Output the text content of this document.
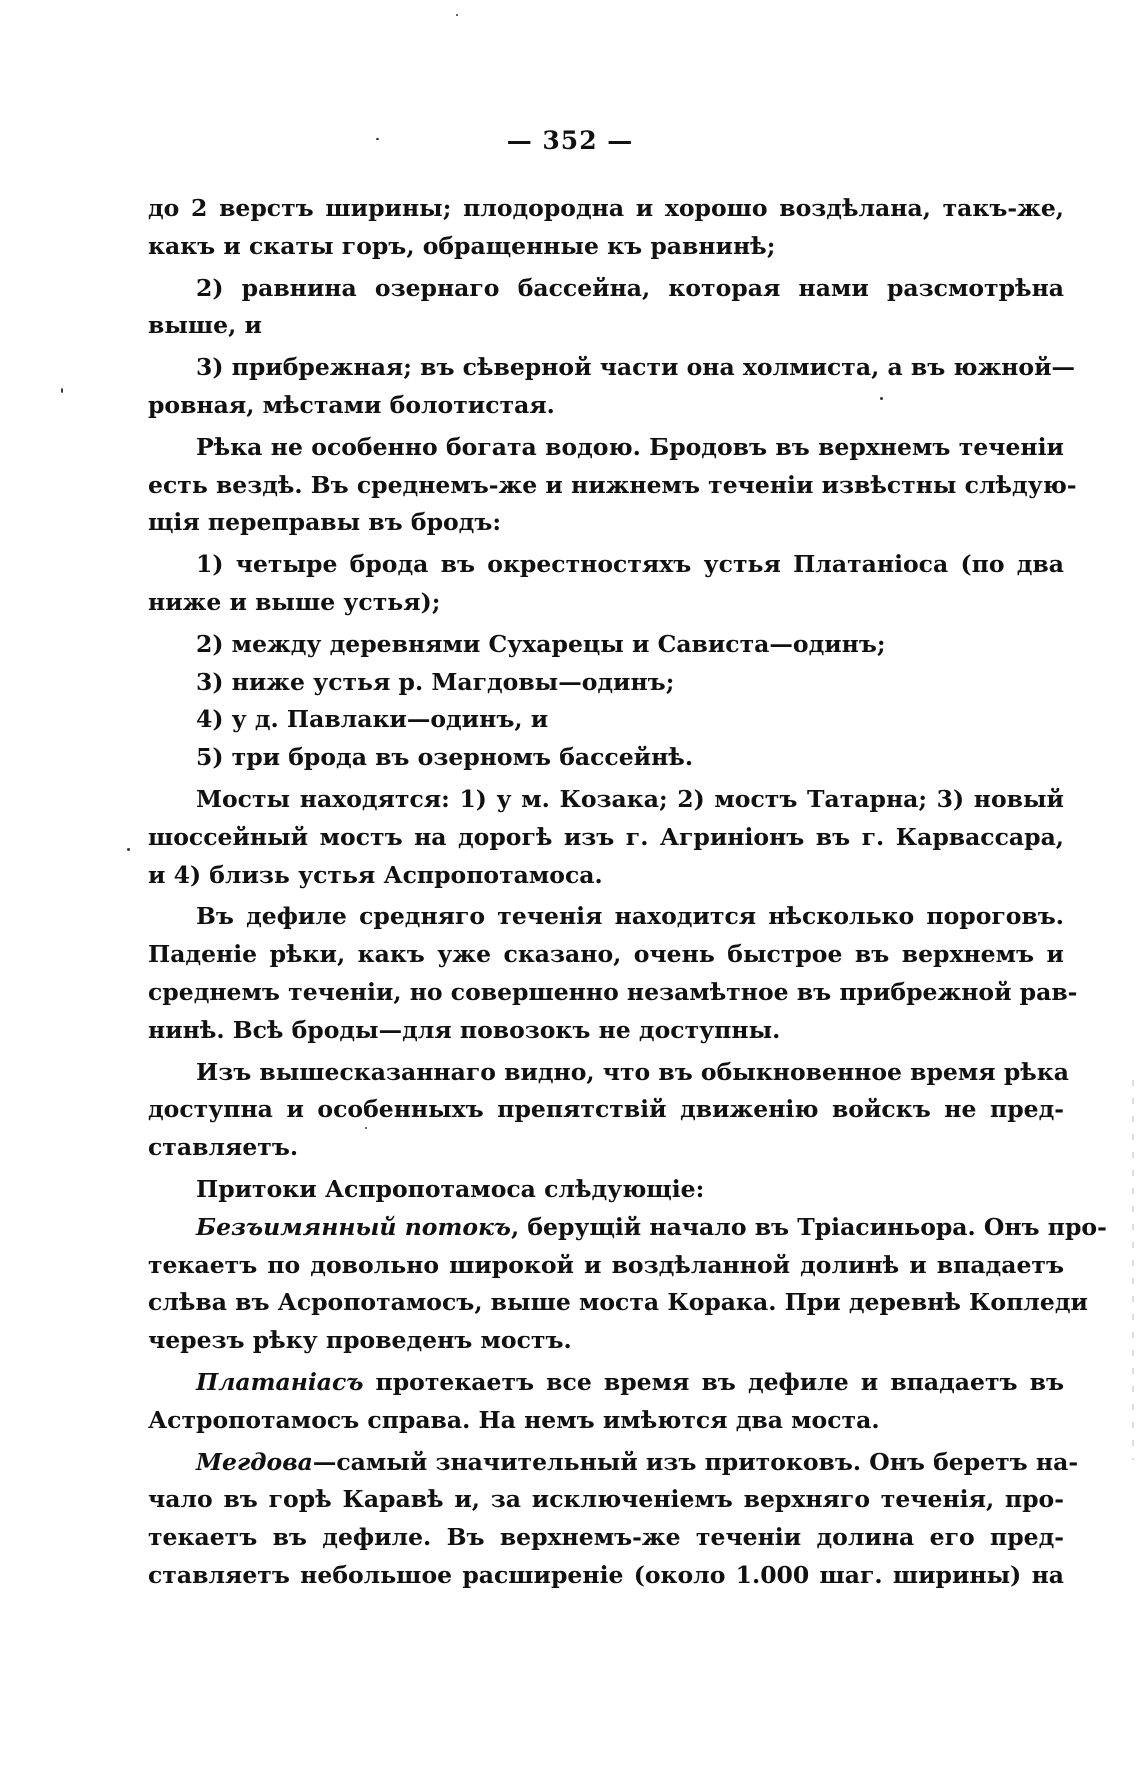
— 352 —
до 2 верстъ ширины; плодородна и хорошо воздѣлана, такъ-же,
какъ и скаты горъ, обращенные къ равнинѣ;
2) равнина озернаго бассейна, которая нами разсмотрѣна
выше, и
3) прибрежная; въ сѣверной части она холмиста, а въ южной—
ровная, мѣстами болотистая.
Рѣка не особенно богата водою. Бродовъ въ верхнемъ теченіи
есть вездѣ. Въ среднемъ-же и нижнемъ теченіи извѣстны слѣдую-
щія переправы въ бродъ:
1) четыре брода въ окрестностяхъ устья Платаніоса (по два
ниже и выше устья);
2) между деревнями Сухарецы и Сависта—одинъ;
3) ниже устья р. Магдовы—одинъ;
4) у д. Павлаки—одинъ, и
5) три брода въ озерномъ бассейнѣ.
Мосты находятся: 1) у м. Козака; 2) мостъ Татарна; 3) новый
шоссейный мостъ на дорогѣ изъ г. Агриніонъ въ г. Карвассара,
и 4) близь устья Аспропотамоса.
Въ дефиле средняго теченія находится нѣсколько пороговъ.
Паденіе рѣки, какъ уже сказано, очень быстрое въ верхнемъ и
среднемъ теченіи, но совершенно незамѣтное въ прибрежной рав-
нинѣ. Всѣ броды—для повозокъ не доступны.
Изъ вышесказаннаго видно, что въ обыкновенное время рѣка
доступна и особенныхъ препятствій движенію войскъ не пред-
ставляетъ.
Притоки Аспропотамоса слѣдующіе:
Безъимянный потокъ, берущій начало въ Тріасиньора. Онъ про-
текаетъ по довольно широкой и воздѣланной долинѣ и впадаетъ
слѣва въ Асропотамосъ, выше моста Корака. При деревнѣ Копледи
черезъ рѣку проведенъ мостъ.
Платаніасъ протекаетъ все время въ дефиле и впадаетъ въ
Астропотамосъ справа. На немъ имѣются два моста.
Мегдова—самый значительный изъ притоковъ. Онъ беретъ на-
чало въ горѣ Каравѣ и, за исключеніемъ верхняго теченія, про-
текаетъ въ дефиле. Въ верхнемъ-же теченіи долина его пред-
ставляетъ небольшое расширеніе (около 1.000 шаг. ширины) на
